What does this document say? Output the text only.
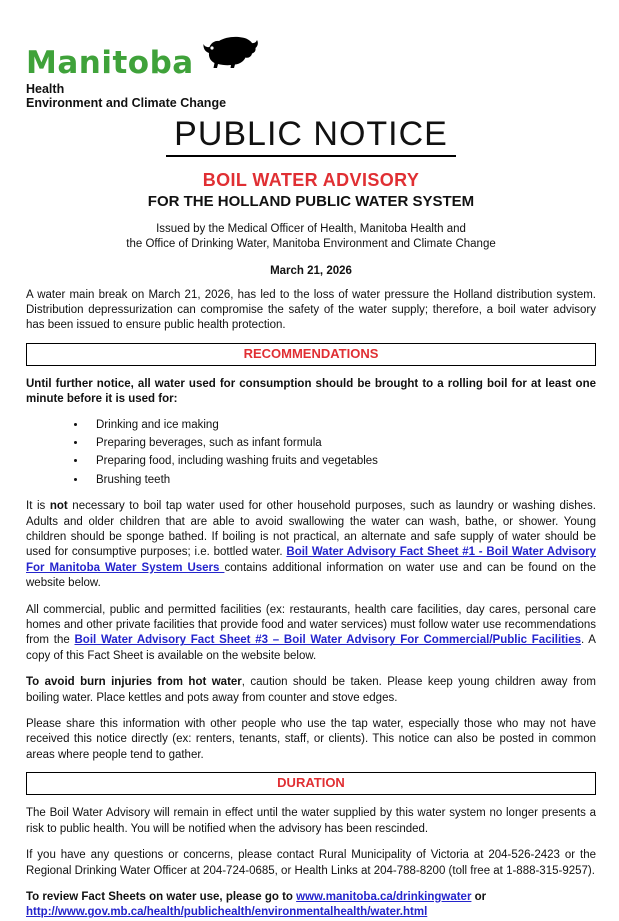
Manitoba
Health
Environment and Climate Change
PUBLIC NOTICE
BOIL WATER ADVISORY
FOR THE HOLLAND PUBLIC WATER SYSTEM
Issued by the Medical Officer of Health, Manitoba Health and
the Office of Drinking Water, Manitoba Environment and Climate Change
March 21, 2026

A water main break on March 21, 2026, has led to the loss of water pressure the Holland distribution system. Distribution depressurization can compromise the safety of the water supply; therefore, a boil water advisory has been issued to ensure public health protection.

RECOMMENDATIONS

Until further notice, all water used for consumption should be brought to a rolling boil for at least one minute before it is used for:

• Drinking and ice making
• Preparing beverages, such as infant formula
• Preparing food, including washing fruits and vegetables
• Brushing teeth

It is not necessary to boil tap water used for other household purposes, such as laundry or washing dishes. Adults and older children that are able to avoid swallowing the water can wash, bathe, or shower. Young children should be sponge bathed. If boiling is not practical, an alternate and safe supply of water should be used for consumptive purposes; i.e. bottled water. Boil Water Advisory Fact Sheet #1 - Boil Water Advisory For Manitoba Water System Users contains additional information on water use and can be found on the website below.

All commercial, public and permitted facilities (ex: restaurants, health care facilities, day cares, personal care homes and other private facilities that provide food and water services) must follow water use recommendations from the Boil Water Advisory Fact Sheet #3 – Boil Water Advisory For Commercial/Public Facilities. A copy of this Fact Sheet is available on the website below.

To avoid burn injuries from hot water, caution should be taken. Please keep young children away from boiling water. Place kettles and pots away from counter and stove edges.

Please share this information with other people who use the tap water, especially those who may not have received this notice directly (ex: renters, tenants, staff, or clients). This notice can also be posted in common areas where people tend to gather.

DURATION

The Boil Water Advisory will remain in effect until the water supplied by this water system no longer presents a risk to public health. You will be notified when the advisory has been rescinded.

If you have any questions or concerns, please contact Rural Municipality of Victoria at 204-526-2423 or the Regional Drinking Water Officer at 204-724-0685, or Health Links at 204-788-8200 (toll free at 1-888-315-9257).

To review Fact Sheets on water use, please go to www.manitoba.ca/drinkingwater or
http://www.gov.mb.ca/health/publichealth/environmentalhealth/water.html
